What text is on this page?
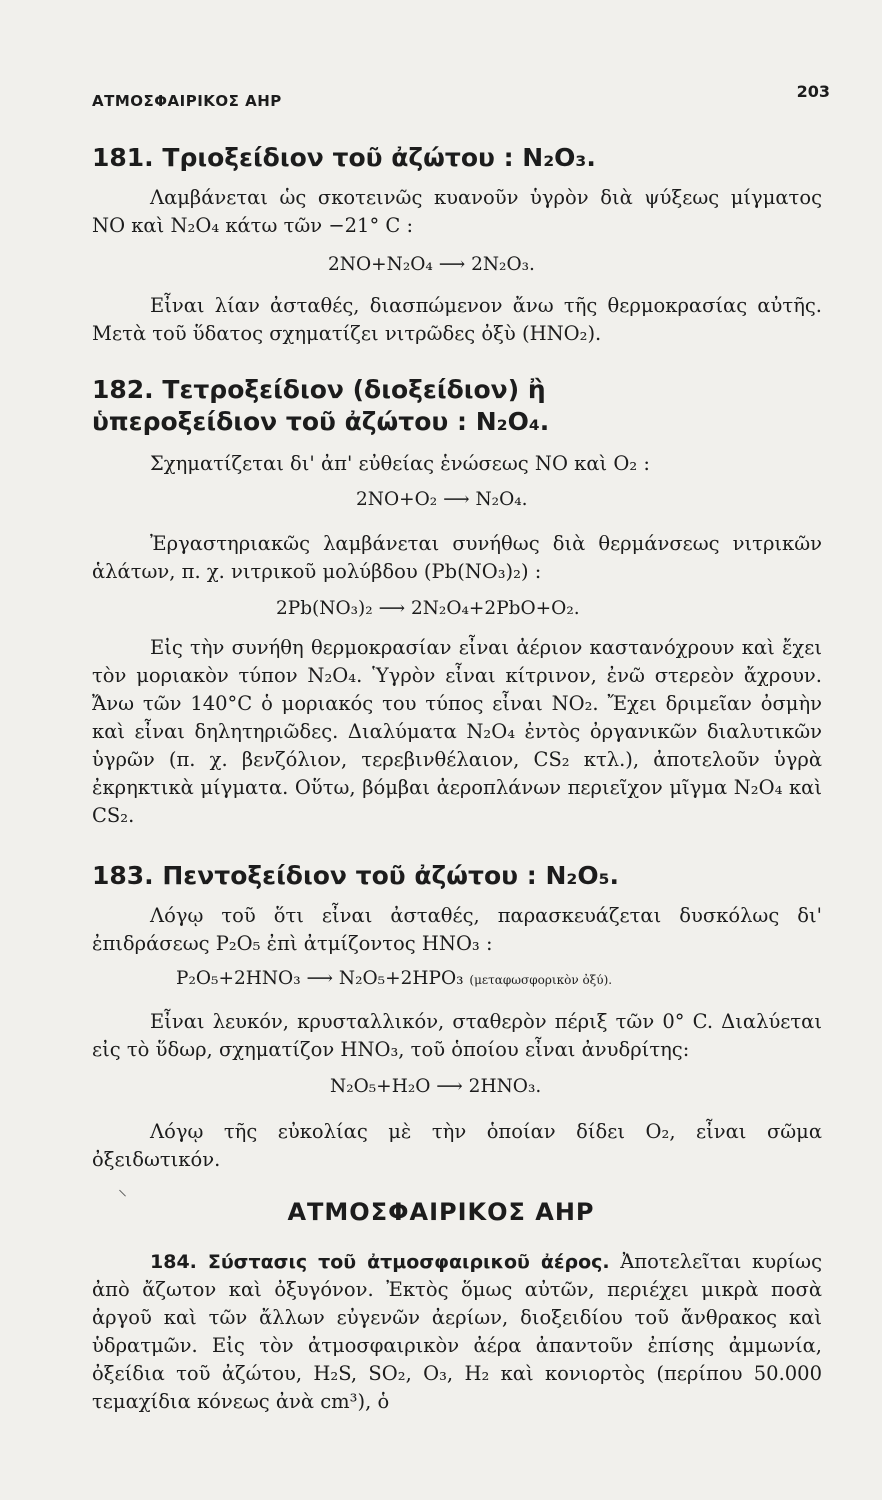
ΑΤΜΟΣΦΑΙΡΙΚΟΣ ΑΗΡ	203
181. Τριοξείδιον τοῦ ἀζώτου : N₂O₃.

Λαμβάνεται ὡς σκοτεινῶς κυανοῦν ὑγρὸν διὰ ψύξεως μίγματος NO καὶ N₂O₄ κάτω τῶν −21° C :

2NO+N₂O₄ ⟶ 2N₂O₃.

Εἶναι λίαν ἀσταθές, διασπώμενον ἄνω τῆς θερμοκρασίας αὐτῆς. Μετὰ τοῦ ὕδατος σχηματίζει νιτρῶδες ὀξὺ (HNO₂).

182. Τετροξείδιον (διοξείδιον) ἢ
ὑπεροξείδιον τοῦ ἀζώτου : N₂O₄.

Σχηματίζεται δι' ἀπ' εὐθείας ἑνώσεως NO καὶ O₂ :

2NO+O₂ ⟶ N₂O₄.

Ἐργαστηριακῶς λαμβάνεται συνήθως διὰ θερμάνσεως νιτρικῶν ἁλάτων, π. χ. νιτρικοῦ μολύβδου (Pb(NO₃)₂) :

2Pb(NO₃)₂ ⟶ 2N₂O₄+2PbO+O₂.

Εἰς τὴν συνήθη θερμοκρασίαν εἶναι ἀέριον καστανόχρουν καὶ ἔχει τὸν μοριακὸν τύπον N₂O₄. Ὑγρὸν εἶναι κίτρινον, ἐνῶ στερεὸν ἄχρουν. Ἄνω τῶν 140°C ὁ μοριακός του τύπος εἶναι NO₂. Ἔχει δριμεῖαν ὀσμὴν καὶ εἶναι δηλητηριῶδες. Διαλύματα N₂O₄ ἐντὸς ὀργανικῶν διαλυτικῶν ὑγρῶν (π. χ. βενζόλιον, τερεβινθέλαιον, CS₂ κτλ.), ἀποτελοῦν ὑγρὰ ἐκρηκτικὰ μίγματα. Οὕτω, βόμβαι ἀεροπλάνων περιεῖχον μῖγμα N₂O₄ καὶ CS₂.

183. Πεντοξείδιον τοῦ ἀζώτου : N₂O₅.

Λόγῳ τοῦ ὅτι εἶναι ἀσταθές, παρασκευάζεται δυσκόλως δι' ἐπιδράσεως P₂O₅ ἐπὶ ἀτμίζοντος HNO₃ :

P₂O₅+2HNO₃ ⟶ N₂O₅+2HPO₃ (μεταφωσφορικὸν ὀξύ).

Εἶναι λευκόν, κρυσταλλικόν, σταθερὸν πέριξ τῶν 0° C. Διαλύεται εἰς τὸ ὕδωρ, σχηματίζον HNO₃, τοῦ ὁποίου εἶναι ἀνυδρίτης:

N₂O₅+H₂O ⟶ 2HNO₃.

Λόγῳ τῆς εὐκολίας μὲ τὴν ὁποίαν δίδει O₂, εἶναι σῶμα ὀξειδωτικόν.

⸜
ΑΤΜΟΣΦΑΙΡΙΚΟΣ ΑΗΡ

184. Σύστασις τοῦ ἀτμοσφαιρικοῦ ἀέρος. Ἀποτελεῖται κυρίως ἀπὸ ἄζωτον καὶ ὀξυγόνον. Ἐκτὸς ὅμως αὐτῶν, περιέχει μικρὰ ποσὰ ἀργοῦ καὶ τῶν ἄλλων εὐγενῶν ἀερίων, διοξειδίου τοῦ ἄνθρακος καὶ ὑδρατμῶν. Εἰς τὸν ἀτμοσφαιρικὸν ἀέρα ἀπαντοῦν ἐπίσης ἀμμωνία, ὀξείδια τοῦ ἀζώτου, H₂S, SO₂, O₃, H₂ καὶ κονιορτὸς (περίπου 50.000 τεμαχίδια κόνεως ἀνὰ cm³), ὁ
